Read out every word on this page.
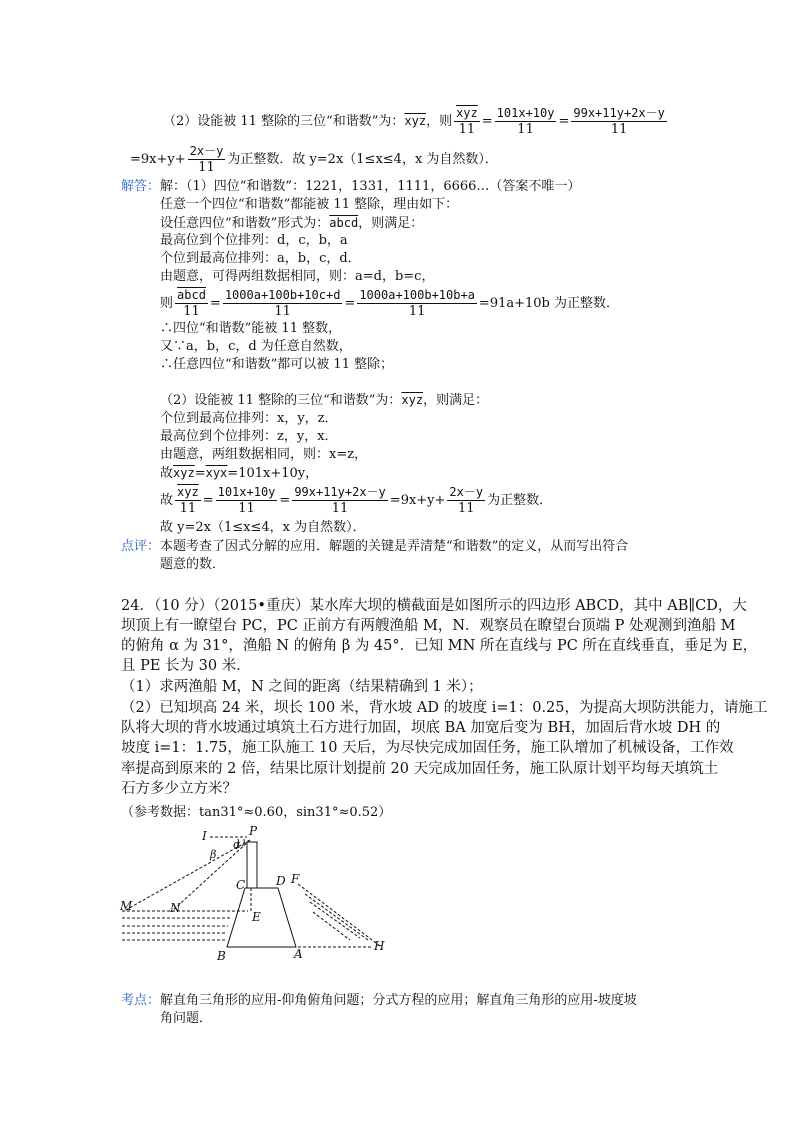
（2）设能被 11 整除的三位“和谐数”为：$\overline{xyz}$，则 $\frac{\overline{xyz}}{11} = \frac{101x+10y}{11} = \frac{99x+11y+2x-y}{11}$
$=9x+y+ \frac{2x-y}{11}$ 为正整数．故 y=2x（1≤x≤4，x 为自然数）．
解答： 解：（1）四位“和谐数”：1221，1331，1111，6666…（答案不唯一）
任意一个四位“和谐数”都能被 11 整除，理由如下：
设任意四位“和谐数”形式为：abcd，则满足：
最高位到个位排列：d，c，b，a
个位到最高位排列：a，b，c，d．
由题意，可得两组数据相同，则：a=d，b=c，
则 $\frac{\text{abcd}}{11} = \frac{1000a+100b+10c+d}{11} = \frac{1000a+100b+10b+a}{11} =91a+10b$ 为正整数．
∴四位“和谐数”能被 11 整数，
又∵a，b，c，d 为任意自然数，
∴任意四位“和谐数”都可以被 11 整除；
（2）设能被 11 整除的三位“和谐数”为：$\overline{xyz}$，则满足：
个位到最高位排列：x，y，z．
最高位到个位排列：z，y，x．
由题意，两组数据相同，则：x=z，
故$\overline{xyz}=\overline{xyx}=101x+10y$，
故 $\frac{\overline{xyz}}{11} = \frac{101x+10y}{11} = \frac{99x+11y+2x-y}{11} =9x+y+ \frac{2x-y}{11}$ 为正整数．
故 y=2x（1≤x≤4，x 为自然数）．
点评： 本题考查了因式分解的应用．解题的关键是弄清楚“和谐数”的定义，从而写出符合
题意的数．
24．（10 分）（2015•重庆）某水库大坝的横截面是如图所示的四边形 ABCD，其中 AB∥CD，大
坝顶上有一瞭望台 PC，PC 正前方有两艘渔船 M，N．观察员在瞭望台顶端 P 处观测到渔船 M
的俯角 α 为 31°，渔船 N 的俯角 β 为 45°．已知 MN 所在直线与 PC 所在直线垂直，垂足为 E，
且 PE 长为 30 米．
（1）求两渔船 M，N 之间的距离（结果精确到 1 米）；
（2）已知坝高 24 米，坝长 100 米，背水坡 AD 的坡度 i=1：0.25，为提高大坝防洪能力，请施工
队将大坝的背水坡通过填筑土石方进行加固，坝底 BA 加宽后变为 BH，加固后背水坡 DH 的
坡度 i=1：1.75，施工队施工 10 天后，为尽快完成加固任务，施工队增加了机械设备，工作效
率提高到原来的 2 倍，结果比原计划提前 20 天完成加固任务，施工队原计划平均每天填筑土
石方多少立方米？
（参考数据：tan31°≈0.60，sin31°≈0.52）
P
I
α
β
C	D F
M	N
E
B	A
H
考点： 解直角三角形的应用-仰角俯角问题；分式方程的应用；解直角三角形的应用-坡度坡
角问题．
